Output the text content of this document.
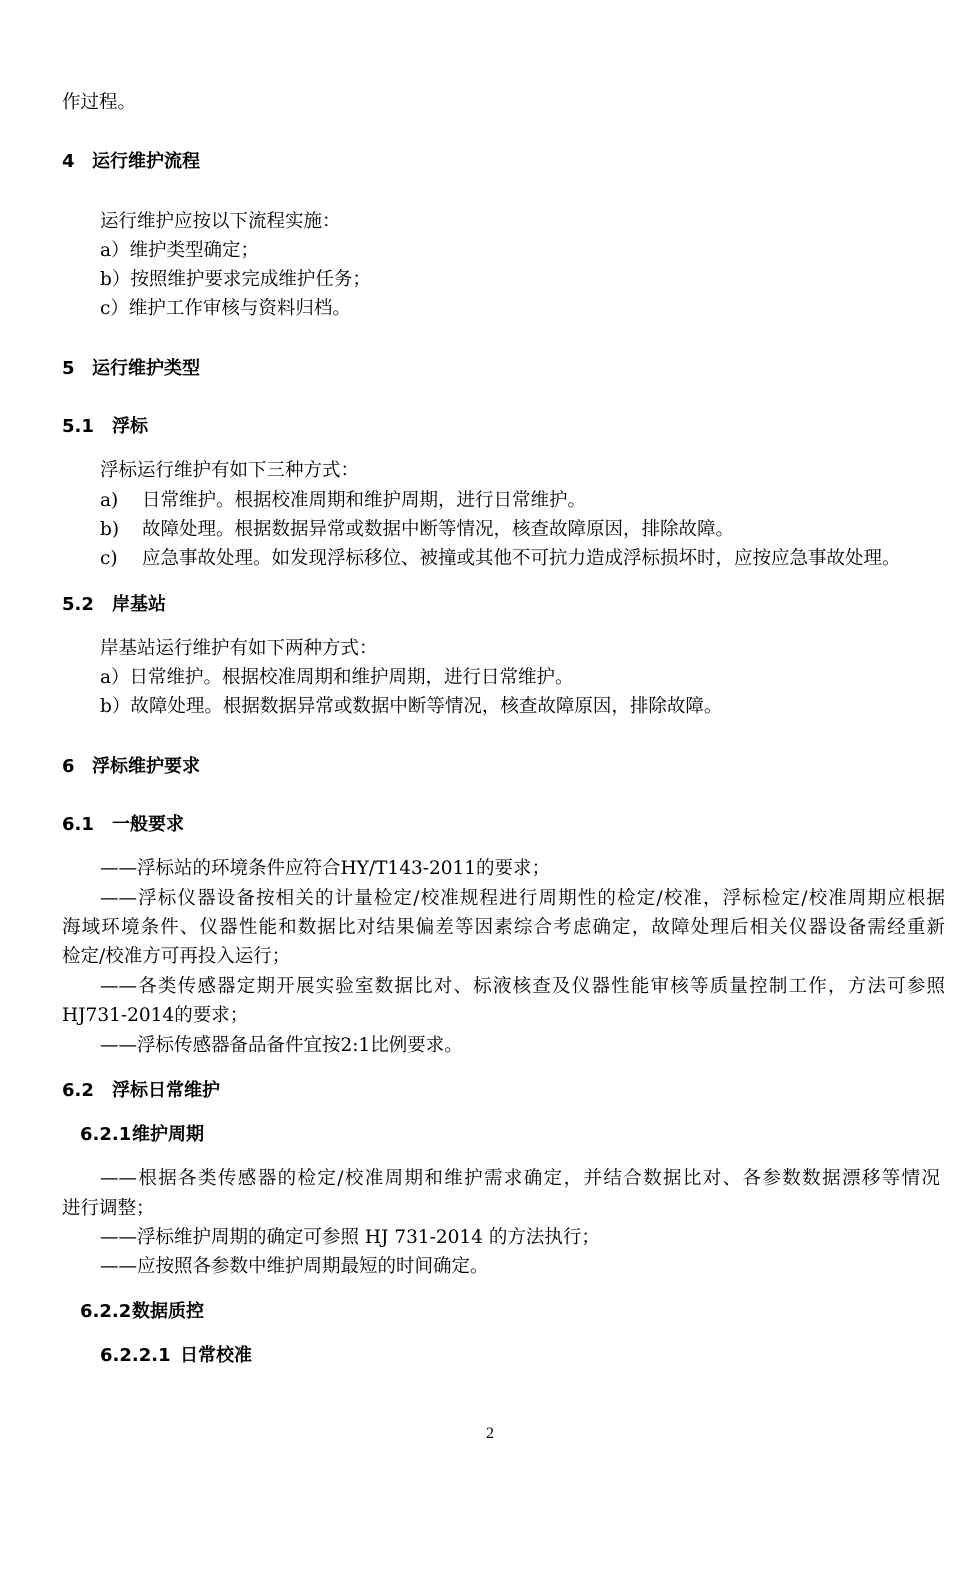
作过程。
4 运行维护流程
运行维护应按以下流程实施：
a）维护类型确定；
b）按照维护要求完成维护任务；
c）维护工作审核与资料归档。
5 运行维护类型
5.1 浮标
浮标运行维护有如下三种方式：
a) 日常维护。根据校准周期和维护周期，进行日常维护。
b) 故障处理。根据数据异常或数据中断等情况，核查故障原因，排除故障。
c) 应急事故处理。如发现浮标移位、被撞或其他不可抗力造成浮标损坏时，应按应急事故处理。
5.2 岸基站
岸基站运行维护有如下两种方式：
a）日常维护。根据校准周期和维护周期，进行日常维护。
b）故障处理。根据数据异常或数据中断等情况，核查故障原因，排除故障。
6 浮标维护要求
6.1 一般要求
——浮标站的环境条件应符合HY/T143-2011的要求；
——浮标仪器设备按相关的计量检定/校准规程进行周期性的检定/校准，浮标检定/校准周期应根据
海域环境条件、仪器性能和数据比对结果偏差等因素综合考虑确定，故障处理后相关仪器设备需经重新
检定/校准方可再投入运行；
——各类传感器定期开展实验室数据比对、标液核查及仪器性能审核等质量控制工作，方法可参照
HJ731-2014的要求；
——浮标传感器备品备件宜按2:1比例要求。
6.2 浮标日常维护
6.2.1维护周期
——根据各类传感器的检定/校准周期和维护需求确定，并结合数据比对、各参数数据漂移等情况
进行调整；
——浮标维护周期的确定可参照 HJ 731-2014 的方法执行；
——应按照各参数中维护周期最短的时间确定。
6.2.2数据质控
6.2.2.1 日常校准
2
